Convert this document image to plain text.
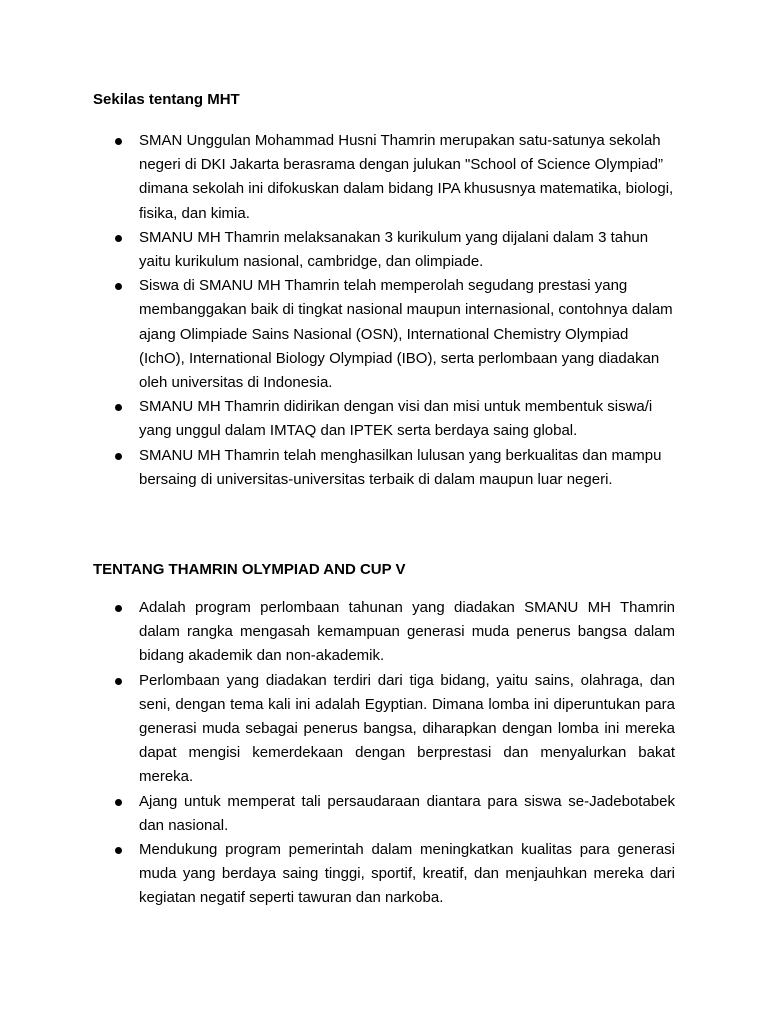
Sekilas tentang MHT

SMAN Unggulan Mohammad Husni Thamrin merupakan satu-satunya sekolah negeri di DKI Jakarta berasrama dengan julukan "School of Science Olympiad” dimana sekolah ini difokuskan dalam bidang IPA khususnya matematika, biologi, fisika, dan kimia.
SMANU MH Thamrin melaksanakan 3 kurikulum yang dijalani dalam 3 tahun yaitu kurikulum nasional, cambridge, dan olimpiade.
Siswa di SMANU MH Thamrin telah memperolah segudang prestasi yang membanggakan baik di tingkat nasional maupun internasional, contohnya dalam ajang Olimpiade Sains Nasional (OSN), International Chemistry Olympiad (IchO), International Biology Olympiad (IBO), serta perlombaan yang diadakan oleh universitas di Indonesia.
SMANU MH Thamrin didirikan dengan visi dan misi untuk membentuk siswa/i yang unggul dalam IMTAQ dan IPTEK serta berdaya saing global.
SMANU MH Thamrin telah menghasilkan lulusan yang berkualitas dan mampu bersaing di universitas-universitas terbaik di dalam maupun luar negeri.

TENTANG THAMRIN OLYMPIAD AND CUP V

Adalah program perlombaan tahunan yang diadakan SMANU MH Thamrin dalam rangka mengasah kemampuan generasi muda penerus bangsa dalam bidang akademik dan non-akademik.
Perlombaan yang diadakan terdiri dari tiga bidang, yaitu sains, olahraga, dan seni, dengan tema kali ini adalah Egyptian. Dimana lomba ini diperuntukan para generasi muda sebagai penerus bangsa, diharapkan dengan lomba ini mereka dapat mengisi kemerdekaan dengan berprestasi dan menyalurkan bakat mereka.
Ajang untuk memperat tali persaudaraan diantara para siswa se-Jadebotabek dan nasional.
Mendukung program pemerintah dalam meningkatkan kualitas para generasi muda yang berdaya saing tinggi, sportif, kreatif, dan menjauhkan mereka dari kegiatan negatif seperti tawuran dan narkoba.
